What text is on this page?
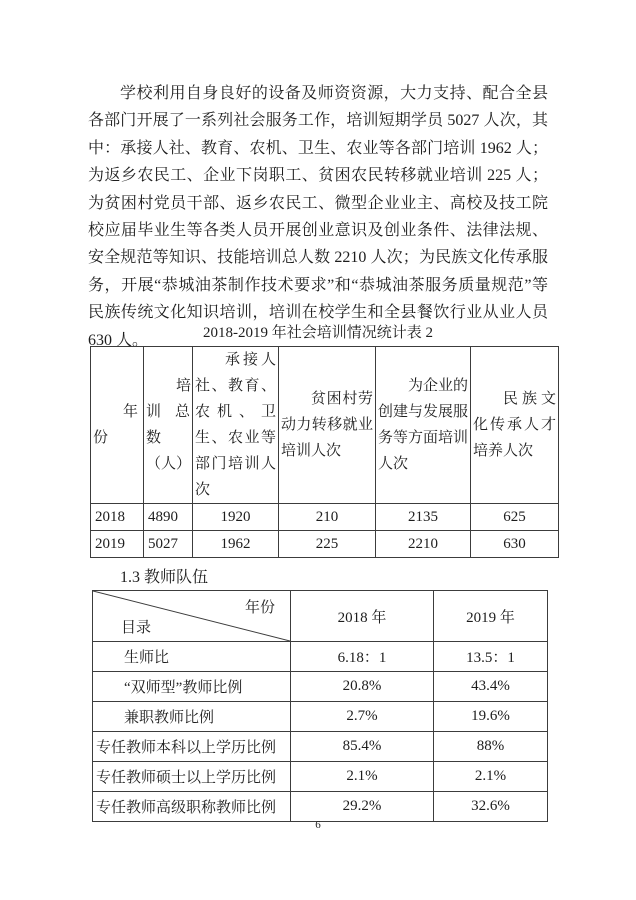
学校利用自身良好的设备及师资资源，大力支持、配合全县各部门开展了一系列社会服务工作，培训短期学员 5027 人次，其中：承接人社、教育、农机、卫生、农业等各部门培训 1962 人；为返乡农民工、企业下岗职工、贫困农民转移就业培训 225 人；为贫困村党员干部、返乡农民工、微型企业业主、高校及技工院校应届毕业生等各类人员开展创业意识及创业条件、法律法规、安全规范等知识、技能培训总人数 2210 人次；为民族文化传承服务，开展“恭城油茶制作技术要求”和“恭城油茶服务质量规范”等民族传统文化知识培训，培训在校学生和全县餐饮行业从业人员 630 人。	2018-2019 年社会培训情况统计表 2
年份	培训总数（人）	承接人社、教育、农机、卫生、农业等部门培训人次	贫困村劳动力转移就业培训人次	为企业的创建与发展服务等方面培训人次	民族文化传承人才培养人次
2018	4890	1920	210	2135	625
2019	5027	1962	225	2210	630
1.3 教师队伍
年份
目录	2018 年	2019 年
生师比	6.18：1	13.5：1
“双师型”教师比例	20.8%	43.4%
兼职教师比例	2.7%	19.6%
专任教师本科以上学历比例	85.4%	88%
专任教师硕士以上学历比例	2.1%	2.1%
专任教师高级职称教师比例	29.2%	32.6%
6
